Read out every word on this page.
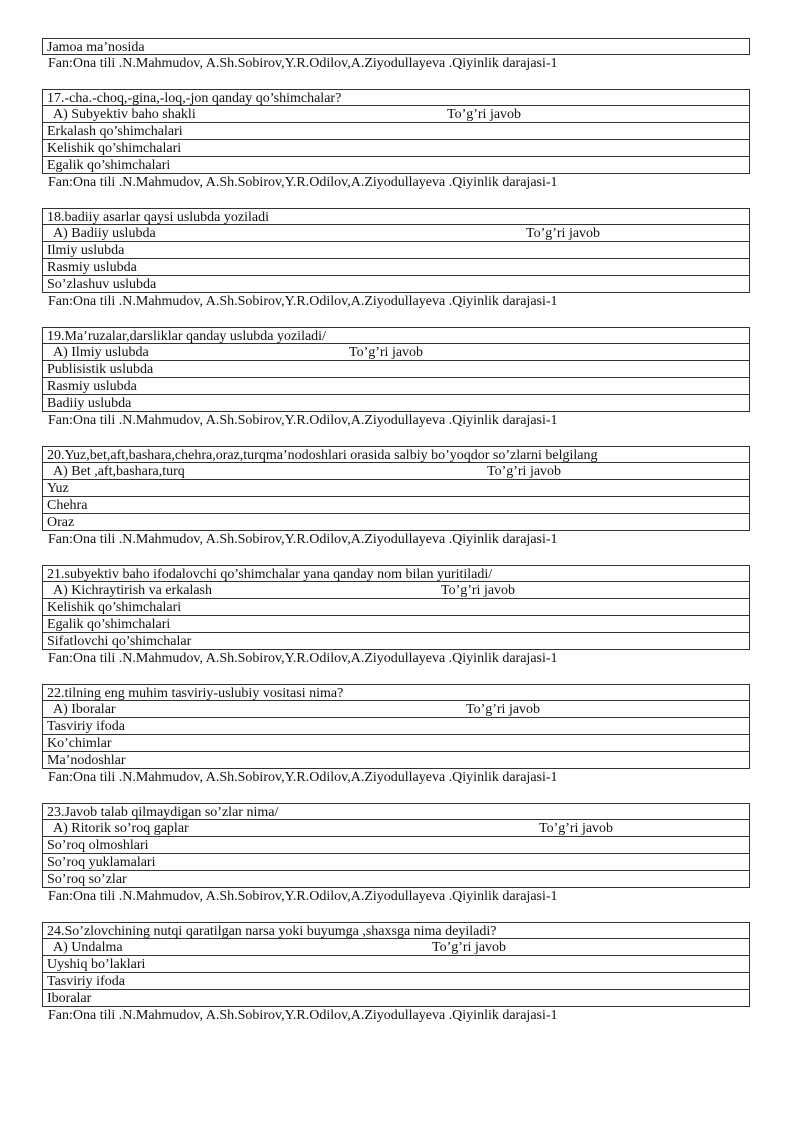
Jamoa ma’nosida
Fan:Ona tili .N.Mahmudov, A.Sh.Sobirov,Y.R.Odilov,A.Ziyodullayeva .Qiyinlik darajasi-1
17.-cha.-choq,-gina,-loq,-jon qanday qo’shimchalar?
A) Subyektiv baho shakli	To’g’ri javob
Erkalash qo’shimchalari
Kelishik qo’shimchalari
Egalik qo’shimchalari
Fan:Ona tili .N.Mahmudov, A.Sh.Sobirov,Y.R.Odilov,A.Ziyodullayeva .Qiyinlik darajasi-1
18.badiiy asarlar qaysi uslubda yoziladi
A) Badiiy uslubda	To’g’ri javob
Ilmiy uslubda
Rasmiy uslubda
So’zlashuv uslubda
Fan:Ona tili .N.Mahmudov, A.Sh.Sobirov,Y.R.Odilov,A.Ziyodullayeva .Qiyinlik darajasi-1
19.Ma’ruzalar,darsliklar qanday uslubda yoziladi/
A) Ilmiy uslubda	To’g’ri javob
Publisistik uslubda
Rasmiy uslubda
Badiiy uslubda
Fan:Ona tili .N.Mahmudov, A.Sh.Sobirov,Y.R.Odilov,A.Ziyodullayeva .Qiyinlik darajasi-1
20.Yuz,bet,aft,bashara,chehra,oraz,turqma’nodoshlari orasida salbiy bo’yoqdor so’zlarni belgilang
A) Bet ,aft,bashara,turq	To’g’ri javob
Yuz
Chehra
Oraz
Fan:Ona tili .N.Mahmudov, A.Sh.Sobirov,Y.R.Odilov,A.Ziyodullayeva .Qiyinlik darajasi-1
21.subyektiv baho ifodalovchi qo’shimchalar yana qanday nom bilan yuritiladi/
A) Kichraytirish va erkalash	To’g’ri javob
Kelishik qo’shimchalari
Egalik qo’shimchalari
Sifatlovchi qo’shimchalar
Fan:Ona tili .N.Mahmudov, A.Sh.Sobirov,Y.R.Odilov,A.Ziyodullayeva .Qiyinlik darajasi-1
22.tilning eng muhim tasviriy-uslubiy vositasi nima?
A) Iboralar	To’g’ri javob
Tasviriy ifoda
Ko’chimlar
Ma’nodoshlar
Fan:Ona tili .N.Mahmudov, A.Sh.Sobirov,Y.R.Odilov,A.Ziyodullayeva .Qiyinlik darajasi-1
23.Javob talab qilmaydigan so’zlar nima/
A) Ritorik so’roq gaplar	To’g’ri javob
So’roq olmoshlari
So’roq yuklamalari
So’roq so’zlar
Fan:Ona tili .N.Mahmudov, A.Sh.Sobirov,Y.R.Odilov,A.Ziyodullayeva .Qiyinlik darajasi-1
24.So’zlovchining nutqi qaratilgan narsa yoki buyumga ,shaxsga nima deyiladi?
A) Undalma	To’g’ri javob
Uyshiq bo’laklari
Tasviriy ifoda
Iboralar
Fan:Ona tili .N.Mahmudov, A.Sh.Sobirov,Y.R.Odilov,A.Ziyodullayeva .Qiyinlik darajasi-1
